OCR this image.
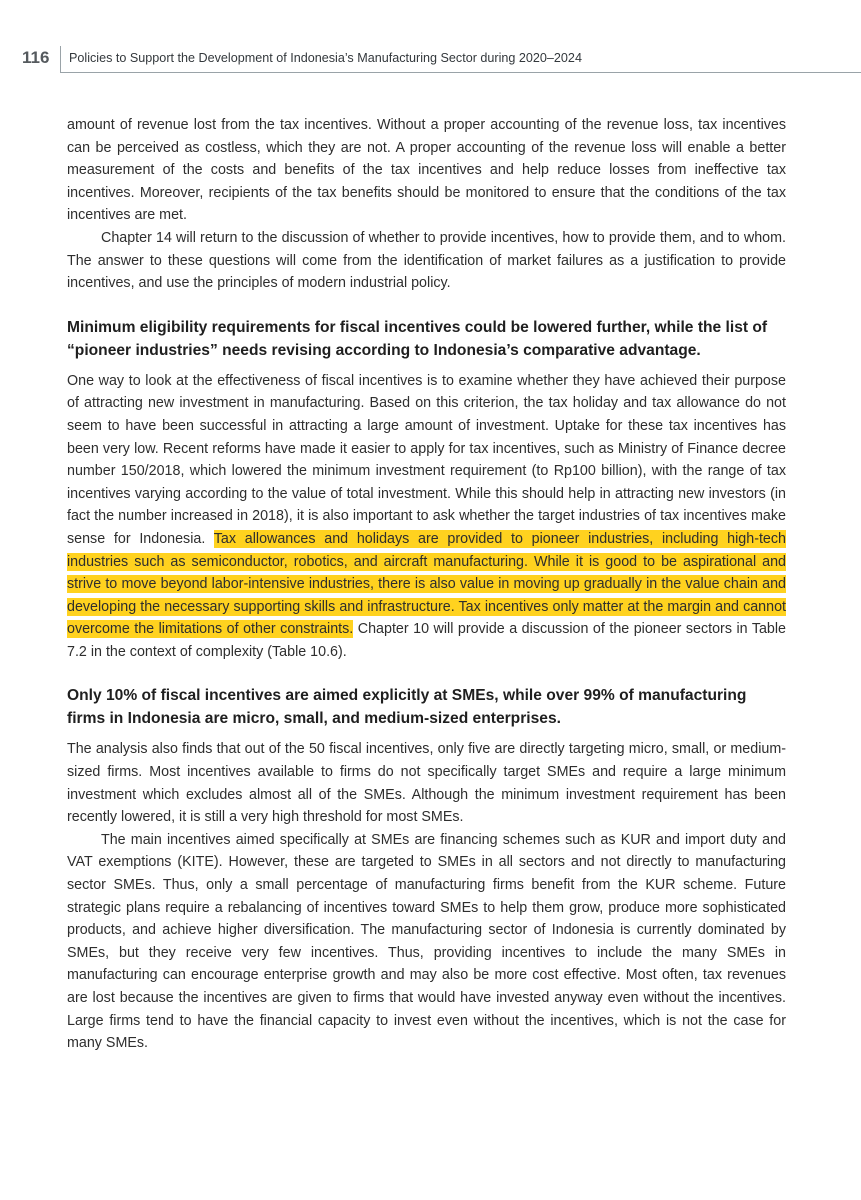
116 Policies to Support the Development of Indonesia’s Manufacturing Sector during 2020–2024

amount of revenue lost from the tax incentives. Without a proper accounting of the revenue loss, tax incentives can be perceived as costless, which they are not. A proper accounting of the revenue loss will enable a better measurement of the costs and benefits of the tax incentives and help reduce losses from ineffective tax incentives. Moreover, recipients of the tax benefits should be monitored to ensure that the conditions of the tax incentives are met.

Chapter 14 will return to the discussion of whether to provide incentives, how to provide them, and to whom. The answer to these questions will come from the identification of market failures as a justification to provide incentives, and use the principles of modern industrial policy.

Minimum eligibility requirements for fiscal incentives could be lowered further, while the list of “pioneer industries” needs revising according to Indonesia’s comparative advantage.

One way to look at the effectiveness of fiscal incentives is to examine whether they have achieved their purpose of attracting new investment in manufacturing. Based on this criterion, the tax holiday and tax allowance do not seem to have been successful in attracting a large amount of investment. Uptake for these tax incentives has been very low. Recent reforms have made it easier to apply for tax incentives, such as Ministry of Finance decree number 150/2018, which lowered the minimum investment requirement (to Rp100 billion), with the range of tax incentives varying according to the value of total investment. While this should help in attracting new investors (in fact the number increased in 2018), it is also important to ask whether the target industries of tax incentives make sense for Indonesia. Tax allowances and holidays are provided to pioneer industries, including high-tech industries such as semiconductor, robotics, and aircraft manufacturing. While it is good to be aspirational and strive to move beyond labor-intensive industries, there is also value in moving up gradually in the value chain and developing the necessary supporting skills and infrastructure. Tax incentives only matter at the margin and cannot overcome the limitations of other constraints. Chapter 10 will provide a discussion of the pioneer sectors in Table 7.2 in the context of complexity (Table 10.6).

Only 10% of fiscal incentives are aimed explicitly at SMEs, while over 99% of manufacturing firms in Indonesia are micro, small, and medium-sized enterprises.

The analysis also finds that out of the 50 fiscal incentives, only five are directly targeting micro, small, or medium-sized firms. Most incentives available to firms do not specifically target SMEs and require a large minimum investment which excludes almost all of the SMEs. Although the minimum investment requirement has been recently lowered, it is still a very high threshold for most SMEs.

The main incentives aimed specifically at SMEs are financing schemes such as KUR and import duty and VAT exemptions (KITE). However, these are targeted to SMEs in all sectors and not directly to manufacturing sector SMEs. Thus, only a small percentage of manufacturing firms benefit from the KUR scheme. Future strategic plans require a rebalancing of incentives toward SMEs to help them grow, produce more sophisticated products, and achieve higher diversification. The manufacturing sector of Indonesia is currently dominated by SMEs, but they receive very few incentives. Thus, providing incentives to include the many SMEs in manufacturing can encourage enterprise growth and may also be more cost effective. Most often, tax revenues are lost because the incentives are given to firms that would have invested anyway even without the incentives. Large firms tend to have the financial capacity to invest even without the incentives, which is not the case for many SMEs.
